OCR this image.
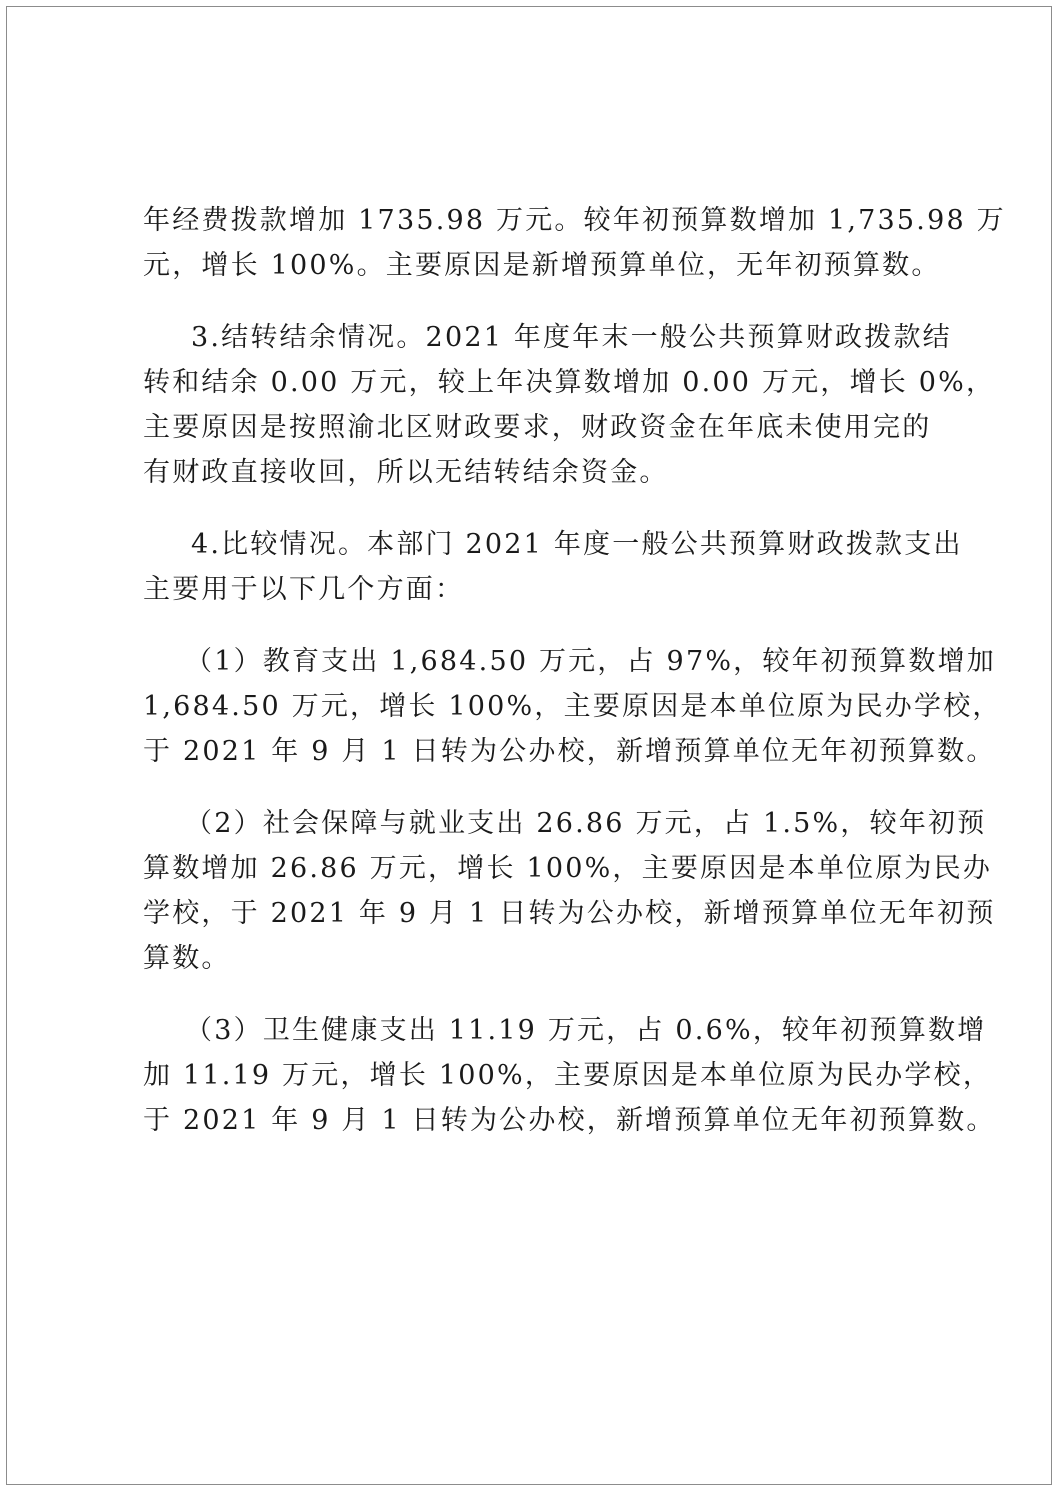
年经费拨款增加 1735.98 万元。较年初预算数增加 1,735.98 万
元，增长 100%。主要原因是新增预算单位，无年初预算数。
3.结转结余情况。2021 年度年末一般公共预算财政拨款结
转和结余 0.00 万元，较上年决算数增加 0.00 万元，增长 0%，
主要原因是按照渝北区财政要求，财政资金在年底未使用完的
有财政直接收回，所以无结转结余资金。
4.比较情况。本部门 2021 年度一般公共预算财政拨款支出
主要用于以下几个方面：
（1）教育支出 1,684.50 万元，占 97%，较年初预算数增加
1,684.50 万元，增长 100%，主要原因是本单位原为民办学校，
于 2021 年 9 月 1 日转为公办校，新增预算单位无年初预算数。
（2）社会保障与就业支出 26.86 万元，占 1.5%，较年初预
算数增加 26.86 万元，增长 100%，主要原因是本单位原为民办
学校，于 2021 年 9 月 1 日转为公办校，新增预算单位无年初预
算数。
（3）卫生健康支出 11.19 万元，占 0.6%，较年初预算数增
加 11.19 万元，增长 100%，主要原因是本单位原为民办学校，
于 2021 年 9 月 1 日转为公办校，新增预算单位无年初预算数。
